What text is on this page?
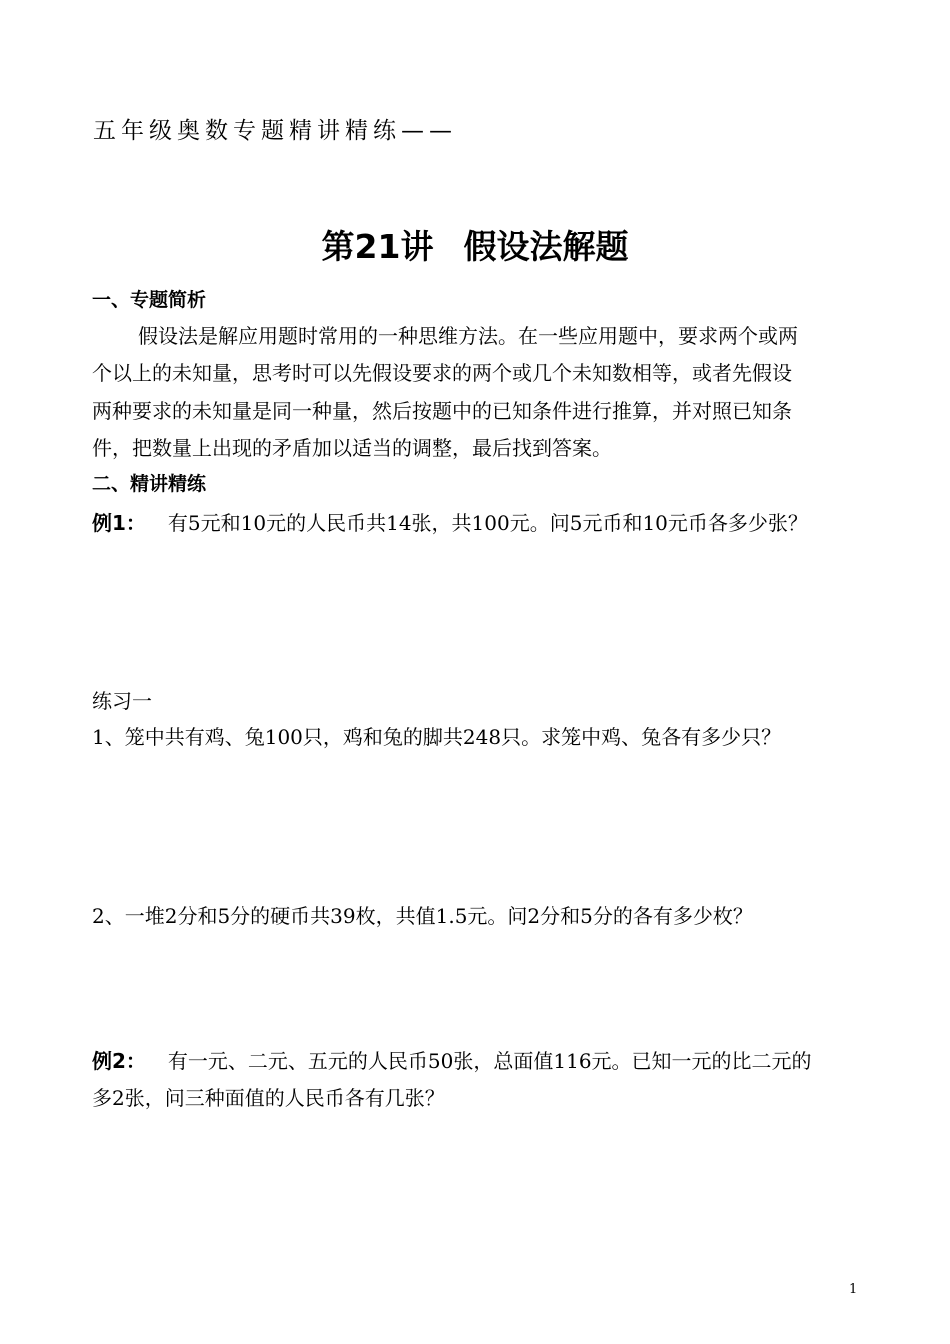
五年级奥数专题精讲精练——
第21讲 假设法解题
一、专题简析
假设法是解应用题时常用的一种思维方法。在一些应用题中，要求两个或两
个以上的未知量，思考时可以先假设要求的两个或几个未知数相等，或者先假设
两种要求的未知量是同一种量，然后按题中的已知条件进行推算，并对照已知条
件，把数量上出现的矛盾加以适当的调整，最后找到答案。
二、精讲精练
例1： 有5元和10元的人民币共14张，共100元。问5元币和10元币各多少张？
练习一
1、笼中共有鸡、兔100只，鸡和兔的脚共248只。求笼中鸡、兔各有多少只？
2、一堆2分和5分的硬币共39枚，共值1.5元。问2分和5分的各有多少枚？
例2： 有一元、二元、五元的人民币50张，总面值116元。已知一元的比二元的
多2张，问三种面值的人民币各有几张？
1
